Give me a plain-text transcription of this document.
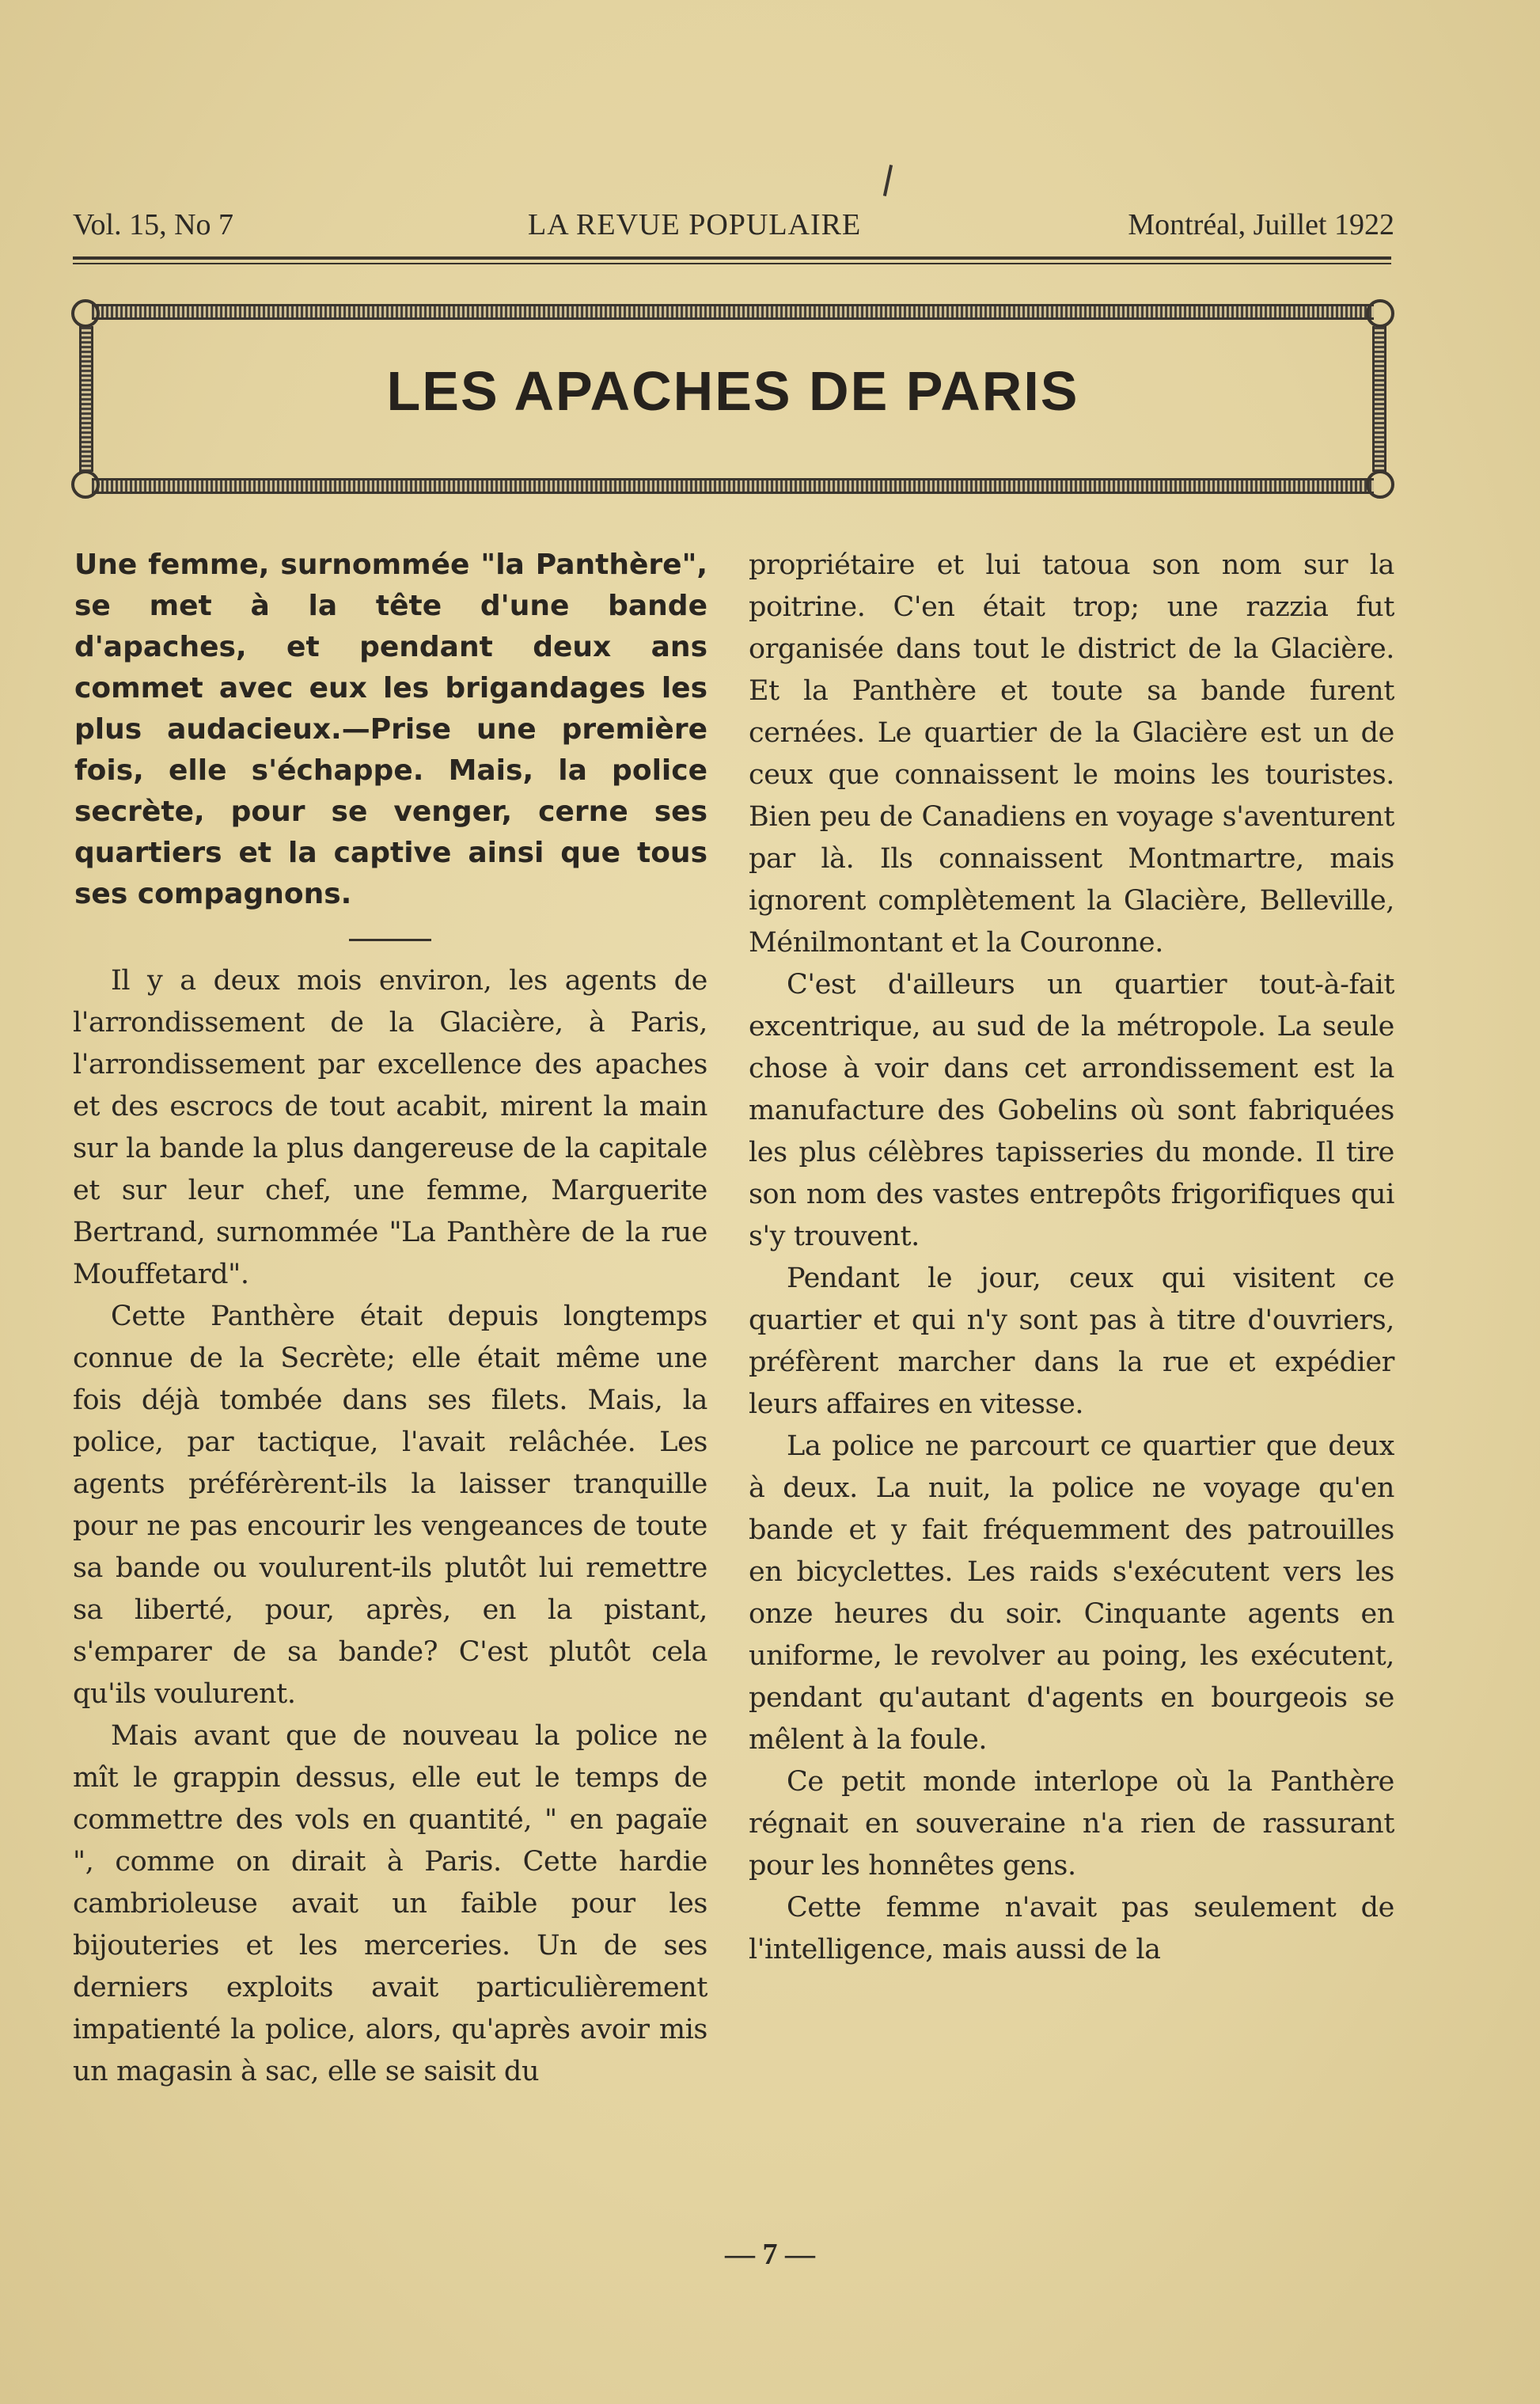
Vol. 15, No 7	LA REVUE POPULAIRE	Montréal, Juillet 1922
LES APACHES DE PARIS

Une femme, surnommée "la Panthère", se met à la tête d'une bande d'apaches, et pendant deux ans commet avec eux les brigandages les plus audacieux.—Prise une première fois, elle s'échappe. Mais, la police secrète, pour se venger, cerne ses quartiers et la captive ainsi que tous ses compagnons.

Il y a deux mois environ, les agents de l'arrondissement de la Glacière, à Paris, l'arrondissement par excellence des apaches et des escrocs de tout acabit, mirent la main sur la bande la plus dangereuse de la capitale et sur leur chef, une femme, Marguerite Bertrand, surnommée "La Panthère de la rue Mouffetard".

Cette Panthère était depuis longtemps connue de la Secrète; elle était même une fois déjà tombée dans ses filets. Mais, la police, par tactique, l'avait relâchée. Les agents préférèrent-ils la laisser tranquille pour ne pas encourir les vengeances de toute sa bande ou voulurent-ils plutôt lui remettre sa liberté, pour, après, en la pistant, s'emparer de sa bande? C'est plutôt cela qu'ils voulurent.

Mais avant que de nouveau la police ne mît le grappin dessus, elle eut le temps de commettre des vols en quantité, " en pagaïe ", comme on dirait à Paris. Cette hardie cambrioleuse avait un faible pour les bijouteries et les merceries. Un de ses derniers exploits avait particulièrement impatienté la police, alors, qu'après avoir mis un magasin à sac, elle se saisit du

propriétaire et lui tatoua son nom sur la poitrine. C'en était trop; une razzia fut organisée dans tout le district de la Glacière. Et la Panthère et toute sa bande furent cernées. Le quartier de la Glacière est un de ceux que connaissent le moins les touristes. Bien peu de Canadiens en voyage s'aventurent par là. Ils connaissent Montmartre, mais ignorent complètement la Glacière, Belleville, Ménilmontant et la Couronne.

C'est d'ailleurs un quartier tout-à-fait excentrique, au sud de la métropole. La seule chose à voir dans cet arrondissement est la manufacture des Gobelins où sont fabriquées les plus célèbres tapisseries du monde. Il tire son nom des vastes entrepôts frigorifiques qui s'y trouvent.

Pendant le jour, ceux qui visitent ce quartier et qui n'y sont pas à titre d'ouvriers, préfèrent marcher dans la rue et expédier leurs affaires en vitesse.

La police ne parcourt ce quartier que deux à deux. La nuit, la police ne voyage qu'en bande et y fait fréquemment des patrouilles en bicyclettes. Les raids s'exécutent vers les onze heures du soir. Cinquante agents en uniforme, le revolver au poing, les exécutent, pendant qu'autant d'agents en bourgeois se mêlent à la foule.

Ce petit monde interlope où la Panthère régnait en souveraine n'a rien de rassurant pour les honnêtes gens.

Cette femme n'avait pas seulement de l'intelligence, mais aussi de la

— 7 —
